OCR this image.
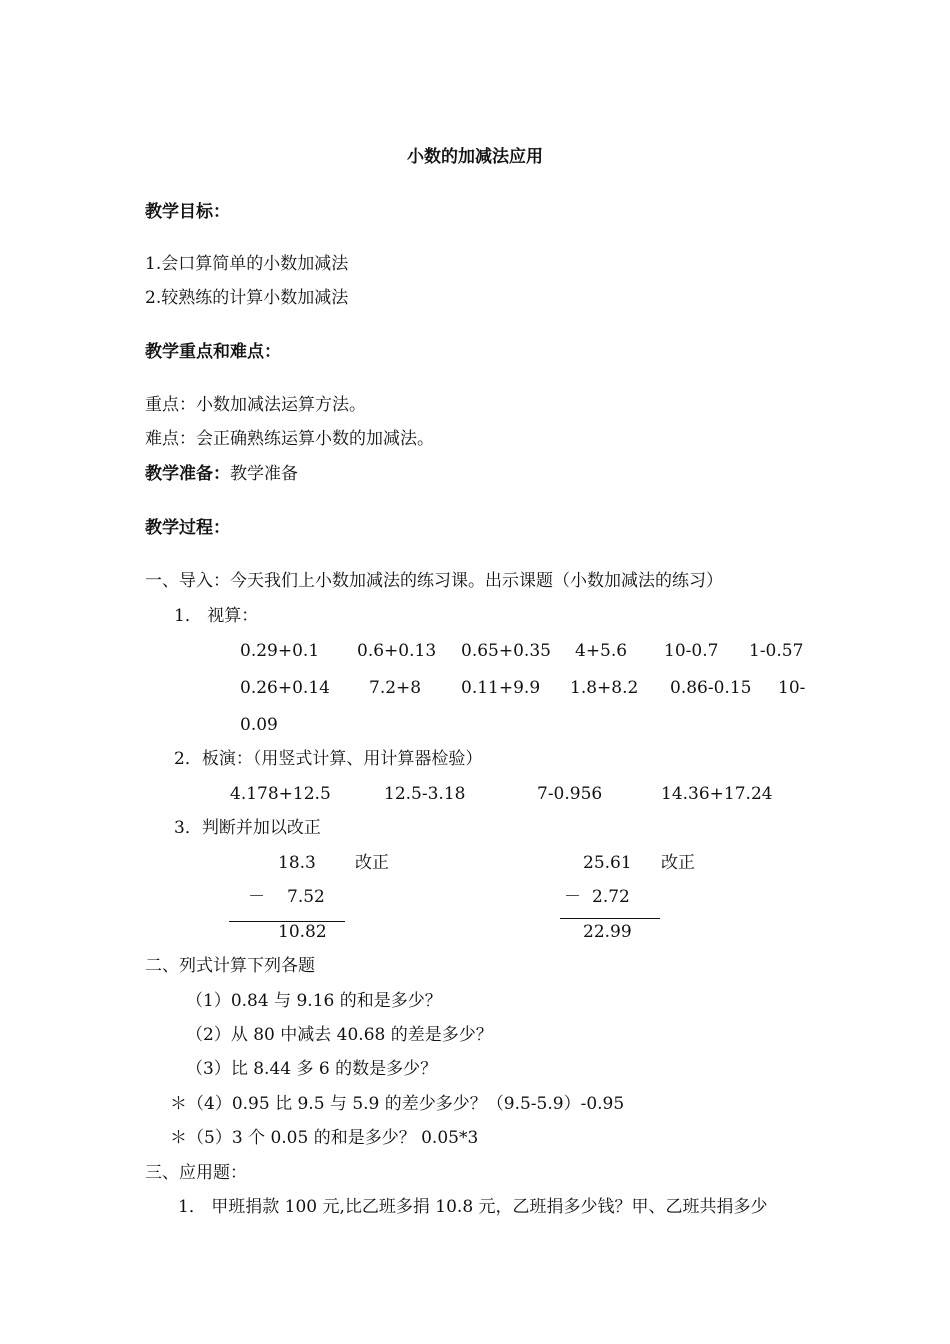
小数的加减法应用
教学目标：
1.会口算简单的小数加减法
2.较熟练的计算小数加减法
教学重点和难点：
重点：小数加减法运算方法。
难点：会正确熟练运算小数的加减法。
教学准备：教学准备
教学过程：
一、导入：今天我们上小数加减法的练习课。出示课题（小数加减法的练习）
1． 视算：
0.29+0.1 0.6+0.13 0.65+0.35 4+5.6 10-0.7 1-0.57
0.26+0.14 7.2+8 0.11+9.9 1.8+8.2 0.86-0.15 10-
0.09
2．板演：（用竖式计算、用计算器检验）
4.178+12.5	12.5-3.18	7-0.956	14.36+17.24
3．判断并加以改正
18.3 改正
－ 7.52
10.82
25.61 改正
－ 2.72
22.99
二、列式计算下列各题
（1）0.84 与 9.16 的和是多少？
（2）从 80 中减去 40.68 的差是多少？
（3）比 8.44 多 6 的数是多少？
＊（4）0.95 比 9.5 与 5.9 的差少多少？（9.5-5.9）-0.95
＊（5）3 个 0.05 的和是多少？ 0.05*3
三、应用题：
1． 甲班捐款 100 元,比乙班多捐 10.8 元，乙班捐多少钱？甲、乙班共捐多少
